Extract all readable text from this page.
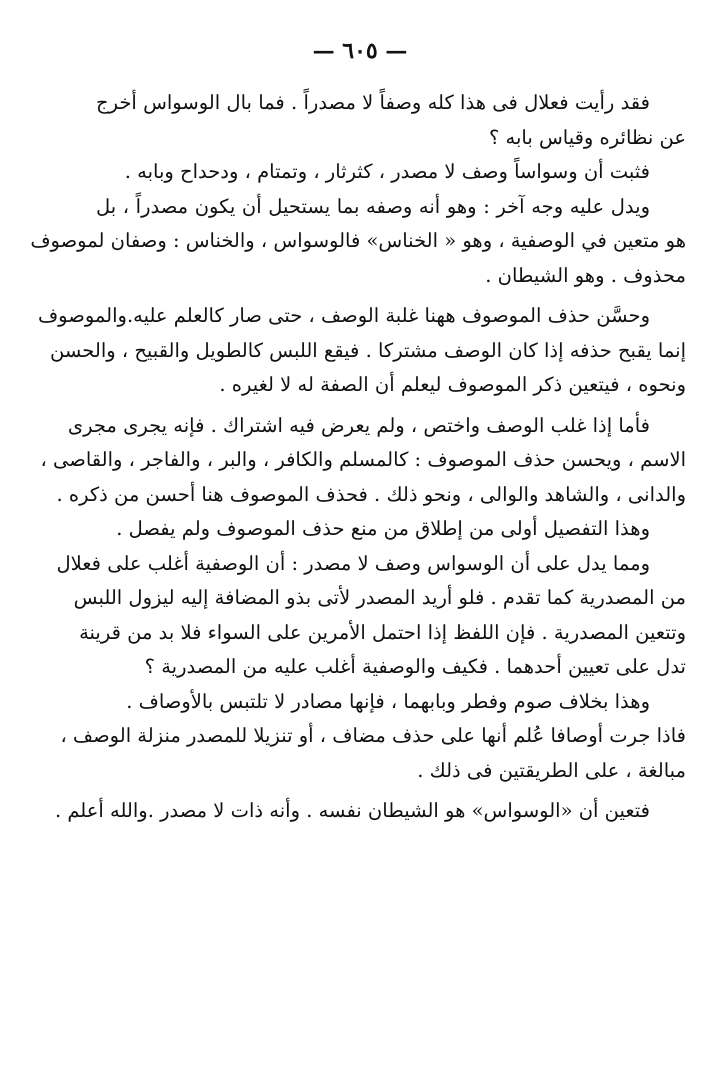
— ٦٠٥ —
فقد رأيت فعلال فى هذا كله وصفاً لا مصدراً . فما بال الوسواس أخرج
عن نظائره وقياس بابه ؟
فثبت أن وسواساً وصف لا مصدر ، كثرثار ، وتمتام ، ودحداح وبابه .
ويدل عليه وجه آخر : وهو أنه وصفه بما يستحيل أن يكون مصدراً ، بل
هو متعين في الوصفية ، وهو « الخناس» فالوسواس ، والخناس : وصفان لموصوف
محذوف . وهو الشيطان .
وحسَّن حذف الموصوف ههنا غلبة الوصف ، حتى صار كالعلم عليه.والموصوف
إنما يقبح حذفه إذا كان الوصف مشتركا . فيقع اللبس كالطويل والقبيح ، والحسن
ونحوه ، فيتعين ذكر الموصوف ليعلم أن الصفة له لا لغيره .
فأما إذا غلب الوصف واختص ، ولم يعرض فيه اشتراك . فإنه يجرى مجرى
الاسم ، ويحسن حذف الموصوف : كالمسلم والكافر ، والبر ، والفاجر ، والقاصى ،
والدانى ، والشاهد والوالى ، ونحو ذلك . فحذف الموصوف هنا أحسن من ذكره .
وهذا التفصيل أولى من إطلاق من منع حذف الموصوف ولم يفصل .
ومما يدل على أن الوسواس وصف لا مصدر : أن الوصفية أغلب على فعلال
من المصدرية كما تقدم . فلو أريد المصدر لأتى بذو المضافة إليه ليزول اللبس
وتتعين المصدرية . فإن اللفظ إذا احتمل الأمرين على السواء فلا بد من قرينة
تدل على تعيين أحدهما . فكيف والوصفية أغلب عليه من المصدرية ؟
وهذا بخلاف صوم وفطر وبابهما ، فإنها مصادر لا تلتبس بالأوصاف .
فاذا جرت أوصافا عُلم أنها على حذف مضاف ، أو تنزيلا للمصدر منزلة الوصف ،
مبالغة ، على الطريقتين فى ذلك .
فتعين أن «الوسواس» هو الشيطان نفسه . وأنه ذات لا مصدر .والله أعلم .
